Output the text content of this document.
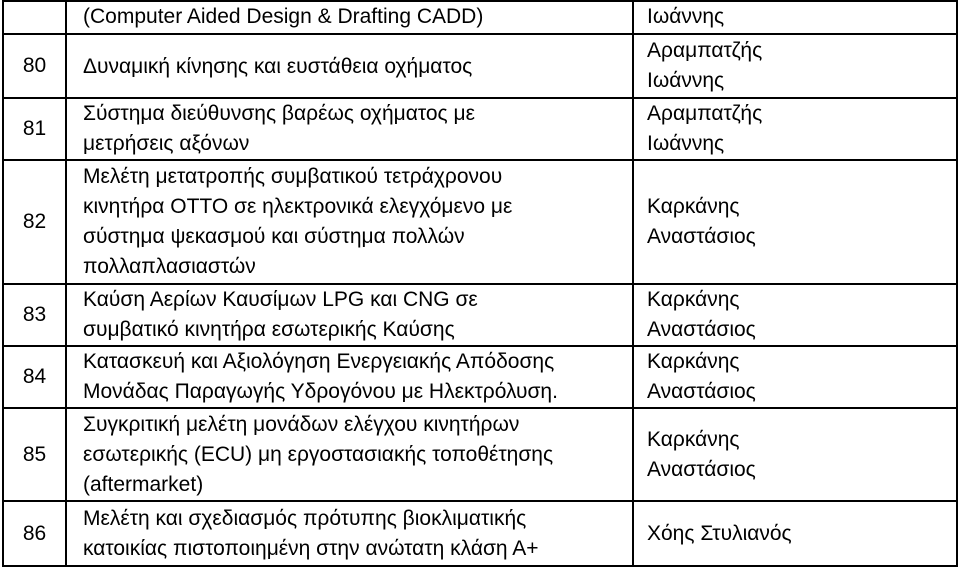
	(Computer Aided Design & Drafting CADD)	Ιωάννης

80	Δυναμική κίνησης και ευστάθεια οχήματος	Αραμπατζής
Ιωάννης

81	Σύστημα διεύθυνσης βαρέως οχήματος με
μετρήσεις αξόνων	Αραμπατζής
Ιωάννης

82	Μελέτη μετατροπής συμβατικού τετράχρονου
κινητήρα ΟΤΤΟ σε ηλεκτρονικά ελεγχόμενο με
σύστημα ψεκασμού και σύστημα πολλών
πολλαπλασιαστών	Καρκάνης
Αναστάσιος

83	Καύση Αερίων Καυσίμων LPG και CNG σε
συμβατικό κινητήρα εσωτερικής Καύσης	Καρκάνης
Αναστάσιος

84	Κατασκευή και Αξιολόγηση Ενεργειακής Απόδοσης
Μονάδας Παραγωγής Υδρογόνου με Ηλεκτρόλυση.	Καρκάνης
Αναστάσιος

85	Συγκριτική μελέτη μονάδων ελέγχου κινητήρων
εσωτερικής (ECU) μη εργοστασιακής τοποθέτησης
(aftermarket)	Καρκάνης
Αναστάσιος

86	Μελέτη και σχεδιασμός πρότυπης βιοκλιματικής
κατοικίας πιστοποιημένη στην ανώτατη κλάση Α+	Χόης Στυλιανός
